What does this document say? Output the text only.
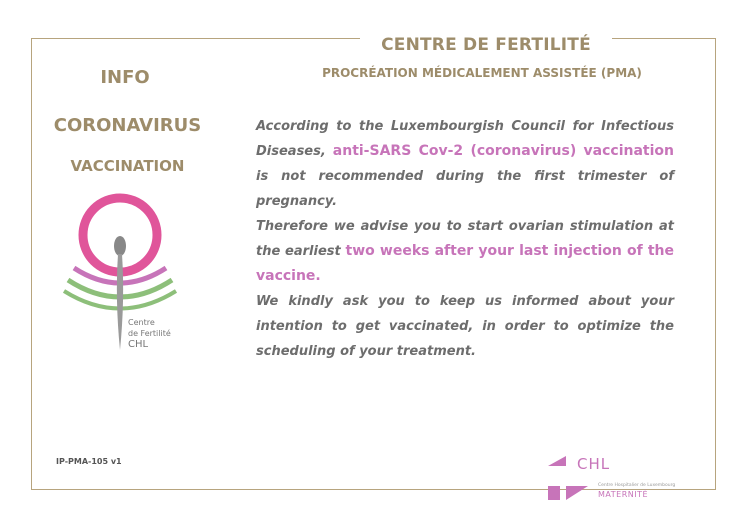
CENTRE DE FERTILITÉ
PROCRÉATION MÉDICALEMENT ASSISTÉE (PMA)
INFO
CORONAVIRUS
VACCINATION
Centre
de Fertilité
CHL

According to the Luxembourgish Council for Infectious Diseases, anti-SARS Cov-2 (coronavirus) vaccination is not recommended during the first trimester of pregnancy.

Therefore we advise you to start ovarian stimulation at the earliest two weeks after your last injection of the vaccine.

We kindly ask you to keep us informed about your intention to get vaccinated, in order to optimize the scheduling of your treatment.

IP-PMA-105 v1	CHL
Centre Hospitalier de Luxembourg
MATERNITÉ
